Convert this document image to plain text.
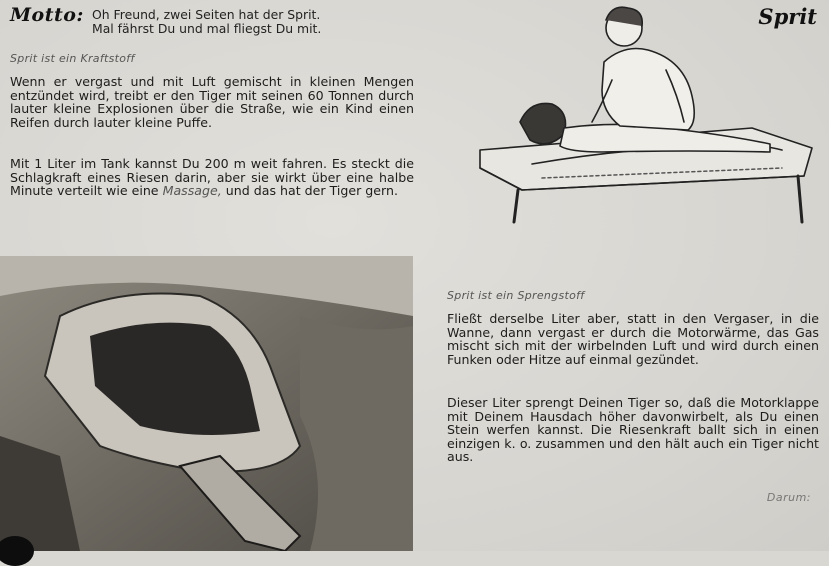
Motto: Oh Freund, zwei Seiten hat der Sprit.
Mal fährst Du und mal fliegst Du mit.	Sprit
Sprit ist ein Kraftstoff

Wenn er vergast und mit Luft gemischt in kleinen Mengen entzündet wird, treibt er den Tiger mit seinen 60 Tonnen durch lauter kleine Explosionen über die Straße, wie ein Kind einen Reifen durch lauter kleine Puffe.

Mit 1 Liter im Tank kannst Du 200 m weit fahren. Es steckt die Schlagkraft eines Riesen darin, aber sie wirkt über eine halbe Minute verteilt wie eine Massage, und das hat der Tiger gern.

Sprit ist ein Sprengstoff

Fließt derselbe Liter aber, statt in den Vergaser, in die Wanne, dann vergast er durch die Motorwärme, das Gas mischt sich mit der wirbelnden Luft und wird durch einen Funken oder Hitze auf einmal gezündet.

Dieser Liter sprengt Deinen Tiger so, daß die Motorklappe mit Deinem Hausdach höher davonwirbelt, als Du einen Stein werfen kannst. Die Riesenkraft ballt sich in einen einzigen k. o. zusammen und den hält auch ein Tiger nicht aus.

Darum:
